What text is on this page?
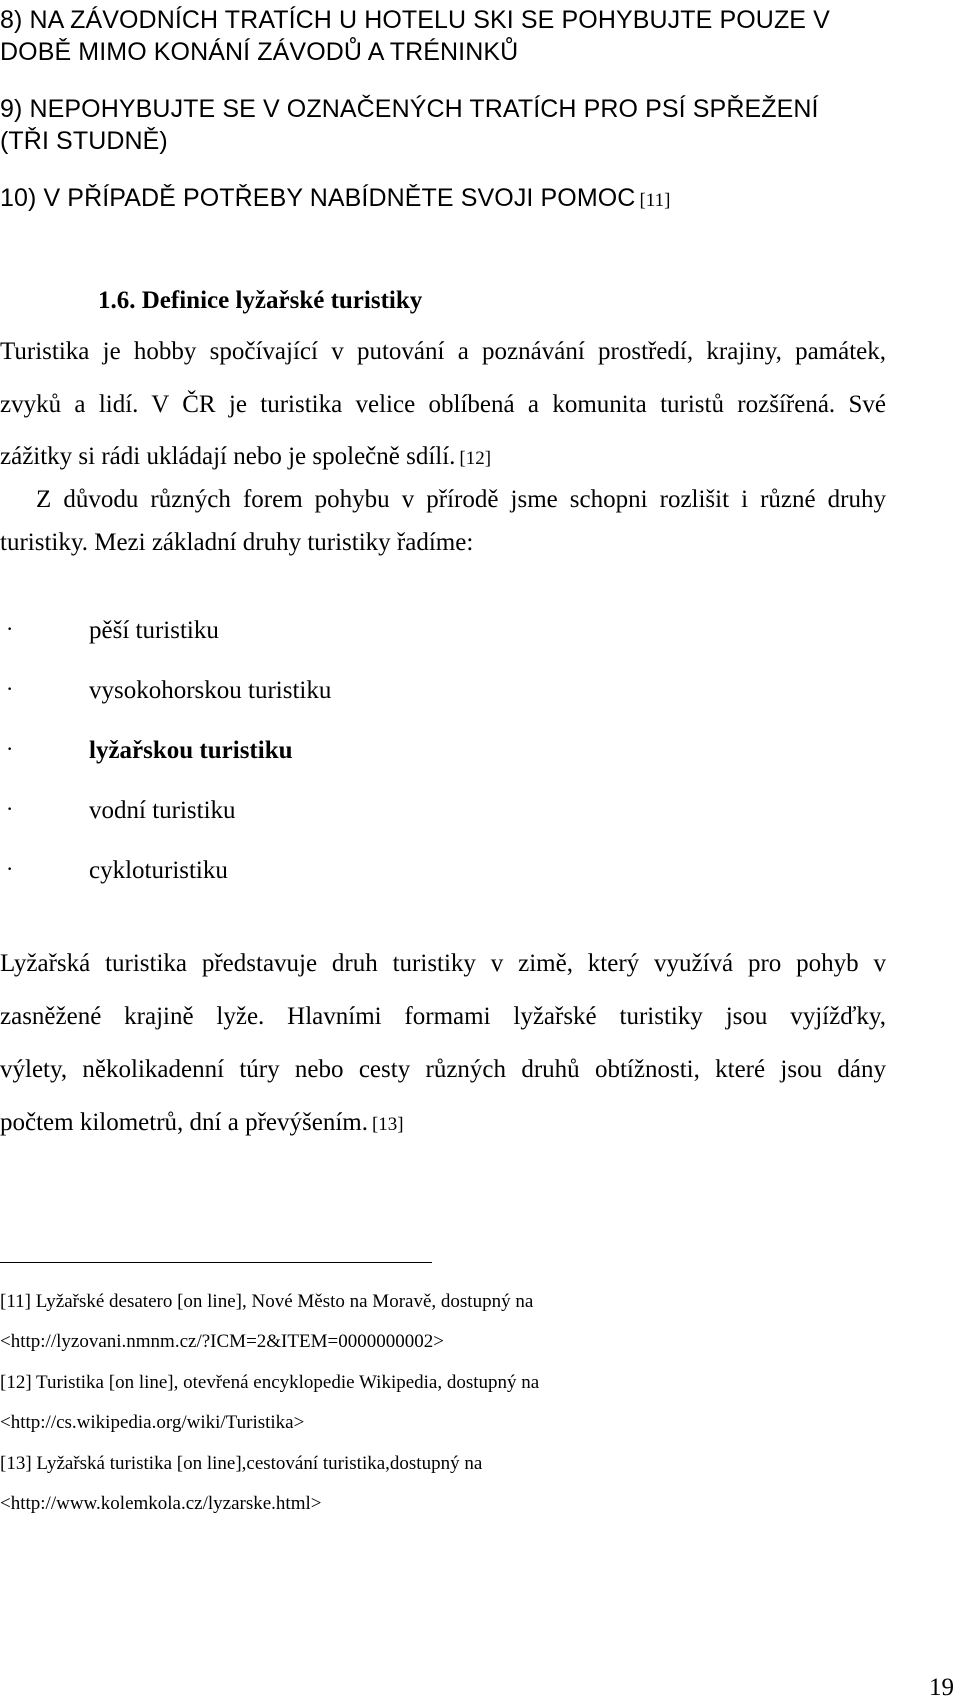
8) NA ZÁVODNÍCH TRATÍCH U HOTELU SKI SE POHYBUJTE POUZE V
DOBĚ MIMO KONÁNÍ ZÁVODŮ A TRÉNINKŮ
9) NEPOHYBUJTE SE V OZNAČENÝCH TRATÍCH PRO PSÍ SPŘEŽENÍ
(TŘI STUDNĚ)
10) V PŘÍPADĚ POTŘEBY NABÍDNĚTE SVOJI POMOC [11]
1.6. Definice lyžařské turistiky
Turistika je hobby spočívající v putování a poznávání prostředí, krajiny, památek,
zvyků a lidí. V ČR je turistika velice oblíbená a komunita turistů rozšířená. Své
zážitky si rádi ukládají nebo je společně sdílí. [12]
Z důvodu různých forem pohybu v přírodě jsme schopni rozlišit i různé druhy
turistiky. Mezi základní druhy turistiky řadíme:
·	pěší turistiku
·	vysokohorskou turistiku
·	lyžařskou turistiku
·	vodní turistiku
·	cykloturistiku
Lyžařská turistika představuje druh turistiky v zimě, který využívá pro pohyb v
zasněžené krajině lyže. Hlavními formami lyžařské turistiky jsou vyjížďky,
výlety, několikadenní túry nebo cesty různých druhů obtížnosti, které jsou dány
počtem kilometrů, dní a převýšením. [13]
[11] Lyžařské desatero [on line], Nové Město na Moravě, dostupný na
<http://lyzovani.nmnm.cz/?ICM=2&ITEM=0000000002>
[12] Turistika [on line], otevřená encyklopedie Wikipedia, dostupný na
<http://cs.wikipedia.org/wiki/Turistika>
[13] Lyžařská turistika [on line],cestování turistika,dostupný na
<http://www.kolemkola.cz/lyzarske.html>
19
